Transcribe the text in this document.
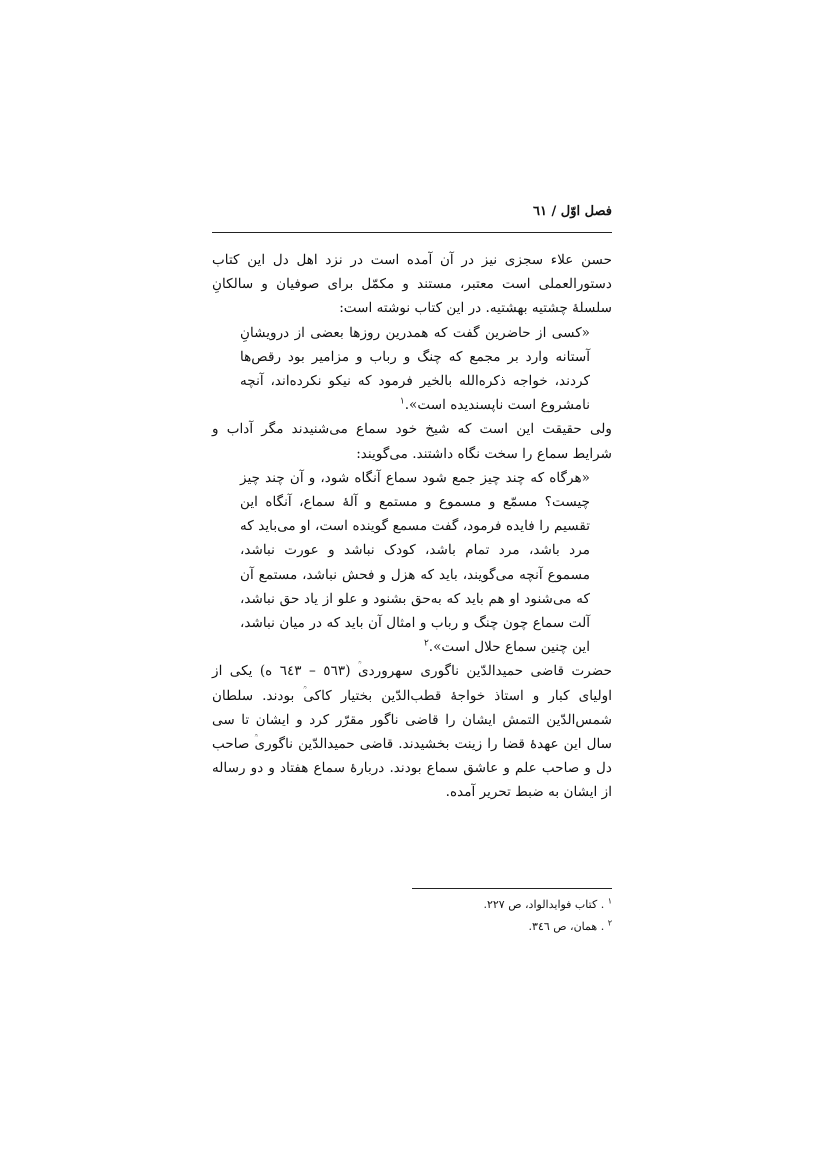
فصل اوّل / ٦١

حسن علاء سجزی نیز در آن آمده است در نزد اهل دل این کتاب دستورالعملی است معتبر، مستند و مکمّل برای صوفیان و سالکانِ سلسلۀ چشتیه بهشتیه. در این کتاب نوشته است:

«کسی از حاضرین گفت که همدرین روزها بعضی از درویشانِ آستانه وارد بر مجمع که چنگ و رباب و مزامیر بود رقص‌ها کردند، خواجه ذکره‌الله بالخیر فرمود که نیکو نکرده‌اند، آنچه نامشروع است ناپسندیده است».$^١$

ولی حقیقت این است که شیخ خود سماع می‌شنیدند مگر آداب و شرایط سماع را سخت نگاه داشتند. می‌گویند:

«هرگاه که چند چیز جمع شود سماع آنگاه شود، و آن چند چیز چیست؟ مسمّع و مسموع و مستمع و آلۀ سماع، آنگاه این تقسیم را فایده فرمود، گفت مسمع گوینده است، او می‌باید که مرد باشد، مرد تمام باشد، کودک نباشد و عورت نباشد، مسموع آنچه می‌گویند، باید که هزل و فحش نباشد، مستمع آن که می‌شنود او هم باید که به‌حق بشنود و علو از یاد حق نباشد، آلت سماع چون چنگ و رباب و امثال آن باید که در میان نباشد، این چنین سماع حلال است».$^٢$

حضرت قاضی حمیدالدّین ناگوری سهروردی (٥٦٣ – ٦٤٣ ه) یکی از اولیای کبار و استاذ خواجۀ قطب‌الدّین بختیار کاکی بودند. سلطان شمس‌الدّین التمش ایشان را قاضی ناگور مقرّر کرد و ایشان تا سی سال این عهدۀ قضا را زینت بخشیدند. قاضی حمیدالدّین ناگوری صاحب دل و صاحب علم و عاشق سماع بودند. دربارۀ سماع هفتاد و دو رساله از ایشان به ضبط تحریر آمده.

$^١$ . کتاب فوایدالواد، ص ٢٢٧.
$^٢$ . همان، ص ٣٤٦.
